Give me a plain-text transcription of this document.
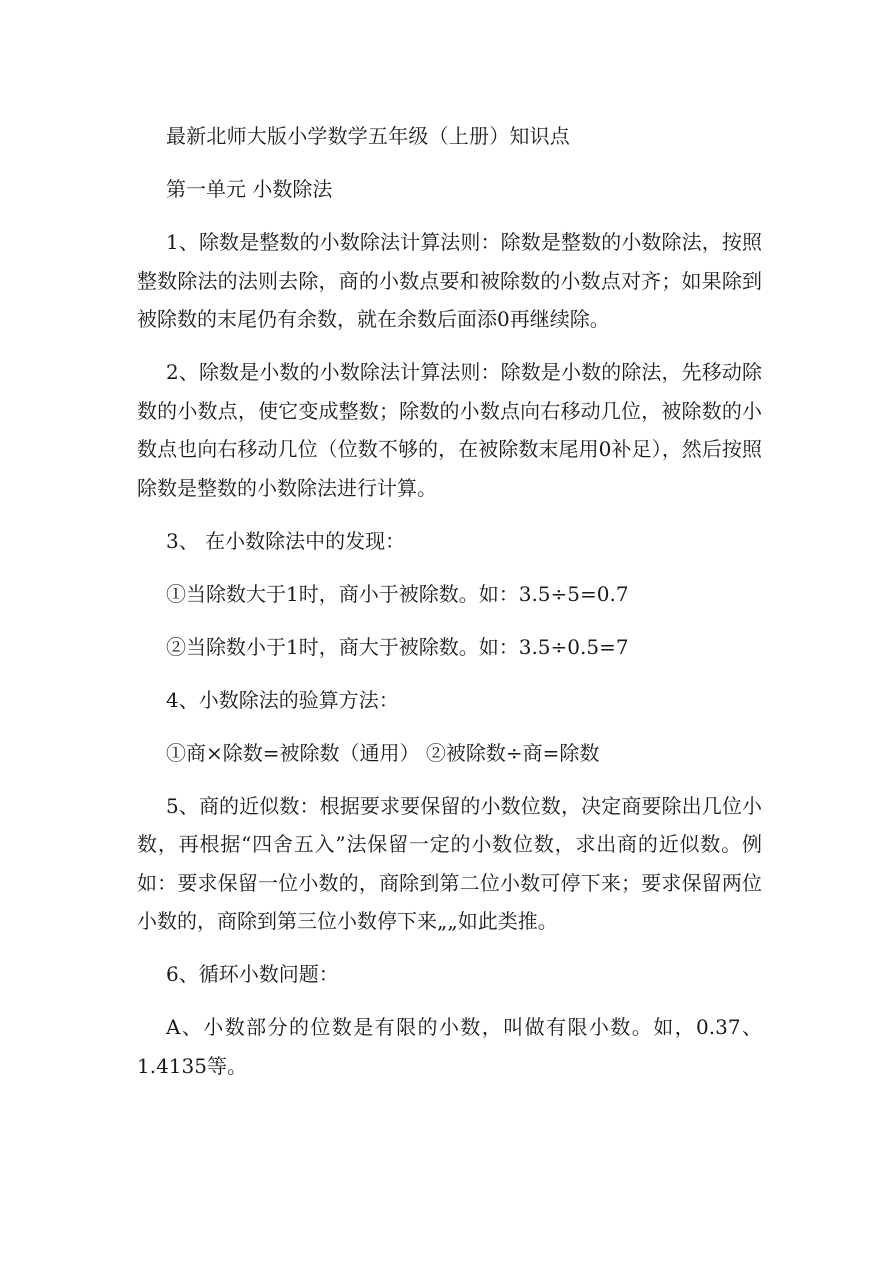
最新北师大版小学数学五年级（上册）知识点

第一单元 小数除法

1、除数是整数的小数除法计算法则：除数是整数的小数除法，按照整数除法的法则去除，商的小数点要和被除数的小数点对齐；如果除到被除数的末尾仍有余数，就在余数后面添0再继续除。

2、除数是小数的小数除法计算法则：除数是小数的除法，先移动除数的小数点，使它变成整数；除数的小数点向右移动几位，被除数的小数点也向右移动几位（位数不够的，在被除数末尾用0补足），然后按照除数是整数的小数除法进行计算。

3、 在小数除法中的发现：

①当除数大于1时，商小于被除数。如：3.5÷5=0.7

②当除数小于1时，商大于被除数。如：3.5÷0.5=7

4、小数除法的验算方法：

①商×除数=被除数（通用） ②被除数÷商=除数

5、商的近似数：根据要求要保留的小数位数，决定商要除出几位小数，再根据“四舍五入”法保留一定的小数位数，求出商的近似数。例如：要求保留一位小数的，商除到第二位小数可停下来；要求保留两位小数的，商除到第三位小数停下来„„如此类推。

6、循环小数问题：

A、小数部分的位数是有限的小数，叫做有限小数。如，0.37、1.4135等。
